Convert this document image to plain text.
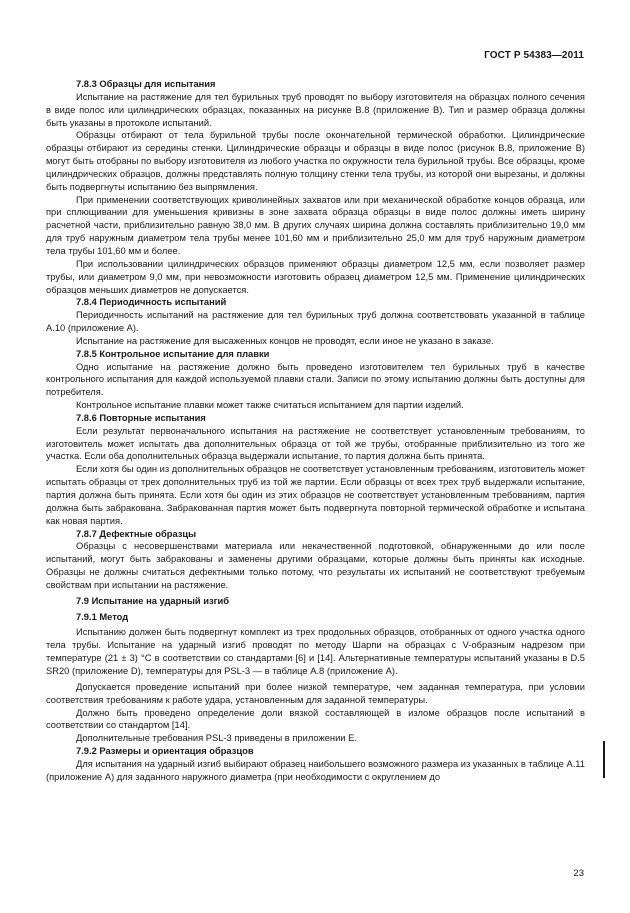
ГОСТ Р 54383—2011

7.8.3 Образцы для испытания

Испытание на растяжение для тел бурильных труб проводят по выбору изготовителя на образцах полного сечения в виде полос или цилиндрических образцах, показанных на рисунке В.8 (приложение В). Тип и размер образца должны быть указаны в протоколе испытаний.

Образцы отбирают от тела бурильной трубы после окончательной термической обработки. Цилиндрические образцы отбирают из середины стенки. Цилиндрические образцы и образцы в виде полос (рисунок В.8, приложение В) могут быть отобраны по выбору изготовителя из любого участка по окружности тела бурильной трубы. Все образцы, кроме цилиндрических образцов, должны представлять полную толщину стенки тела трубы, из которой они вырезаны, и должны быть подвергнуты испытанию без выпрямления.

При применении соответствующих криволинейных захватов или при механической обработке концов образца, или при сплющивании для уменьшения кривизны в зоне захвата образца образцы в виде полос должны иметь ширину расчетной части, приблизительно равную 38,0 мм. В других случаях ширина должна составлять приблизительно 19,0 мм для труб наружным диаметром тела трубы менее 101,60 мм и приблизительно 25,0 мм для труб наружным диаметром тела трубы 101,60 мм и более.

При использовании цилиндрических образцов применяют образцы диаметром 12,5 мм, если позволяет размер трубы, или диаметром 9,0 мм, при невозможности изготовить образец диаметром 12,5 мм. Применение цилиндрических образцов меньших диаметров не допускается.

7.8.4 Периодичность испытаний

Периодичность испытаний на растяжение для тел бурильных труб должна соответствовать указанной в таблице А.10 (приложение А).

Испытание на растяжение для высаженных концов не проводят, если иное не указано в заказе.

7.8.5 Контрольное испытание для плавки

Одно испытание на растяжение должно быть проведено изготовителем тел бурильных труб в качестве контрольного испытания для каждой используемой плавки стали. Записи по этому испытанию должны быть доступны для потребителя.

Контрольное испытание плавки может также считаться испытанием для партии изделий.

7.8.6 Повторные испытания

Если результат первоначального испытания на растяжение не соответствует установленным требованиям, то изготовитель может испытать два дополнительных образца от той же трубы, отобранные приблизительно из того же участка. Если оба дополнительных образца выдержали испытание, то партия должна быть принята.

Если хотя бы один из дополнительных образцов не соответствует установленным требованиям, изготовитель может испытать образцы от трех дополнительных труб из той же партии. Если образцы от всех трех труб выдержали испытание, партия должна быть принята. Если хотя бы один из этих образцов не соответствует установленным требованиям, партия должна быть забракована. Забракованная партия может быть подвергнута повторной термической обработке и испытана как новая партия.

7.8.7 Дефектные образцы

Образцы с несовершенствами материала или некачественной подготовкой, обнаруженными до или после испытаний, могут быть забракованы и заменены другими образцами, которые должны быть приняты как исходные. Образцы не должны считаться дефектными только потому, что результаты их испытаний не соответствуют требуемым свойствам при испытании на растяжение.

7.9 Испытание на ударный изгиб

7.9.1 Метод

Испытанию должен быть подвергнут комплект из трех продольных образцов, отобранных от одного участка одного тела трубы. Испытание на ударный изгиб проводят по методу Шарпи на образцах с V-образным надрезом при температуре (21 ± 3) °С в соответствии со стандартами [6] и [14]. Альтернативные температуры испытаний указаны в D.5 SR20 (приложение D), температуры для PSL-3 — в таблице А.8 (приложение А).

Допускается проведение испытаний при более низкой температуре, чем заданная температура, при условии соответствия требованиям к работе удара, установленным для заданной температуры.

Должно быть проведено определение доли вязкой составляющей в изломе образцов после испытаний в соответствии со стандартом [14].

Дополнительные требования PSL-3 приведены в приложении Е.

7.9.2 Размеры и ориентация образцов

Для испытания на ударный изгиб выбирают образец наибольшего возможного размера из указанных в таблице А.11 (приложение А) для заданного наружного диаметра (при необходимости с округлением до

23
